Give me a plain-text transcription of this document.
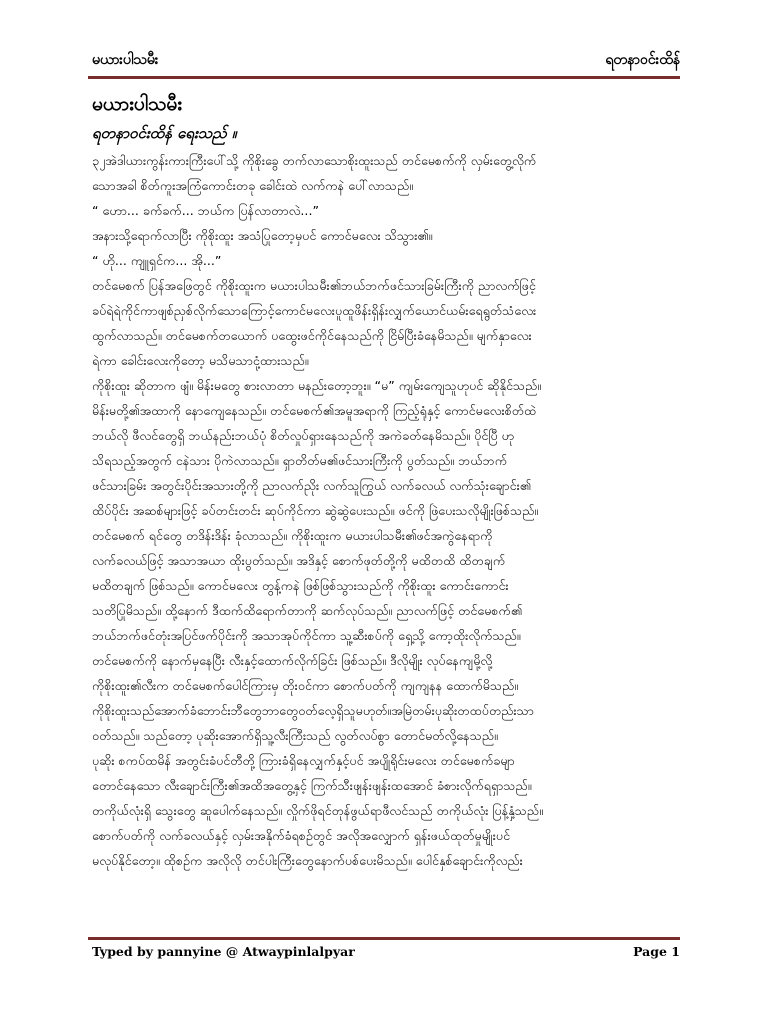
မယားပါသမီး	ရတနာဝင်းထိန်
မယားပါသမီး
ရတနာဝင်းထိန် ရေးသည် ။
၃၂အဲဒါယားကွန်းကားကြီးပေါ်သို့ ကိုစိုးခွေ တက်လာသောစိုးထူးသည် တင်မေစက်ကို လှမ်းတွေ့လိုက်
သောအခါ စိတ်ကူးအကြံကောင်းတခု ခေါင်းထဲ လက်ကနဲ ပေါ်လာသည်။
“ ဟော... ခက်ခက်... ဘယ်က ပြန်လာတာလဲ...”
အနားသို့ရောက်လာပြီး ကိုစိုးထူး အသံပြုတော့မှပင် ကောင်မလေး သိသွား၏။
“ ဟို... ကျူရှင်က... အို...”
တင်မေစက် ပြန်အဖြေတွင် ကိုစိုးထူးက မယားပါသမီး၏ဘယ်ဘက်ဖင်သားခြမ်းကြီးကို ညာလက်ဖြင့်
ခပ်ရဲရဲကိုင်ကာဖျစ်ညှစ်လိုက်သောကြောင့်ကောင်မလေးပူထူဖိန်းရှိန်းလျှက်ယောင်ယမ်းရေရွတ်သံလေး
ထွက်လာသည်။ တင်မေစက်တယောက် ပထွေးဖင်ကိုင်နေသည်ကို ငြိမ်ပြီးခံနေမိသည်။ မျက်နှာလေး
ရဲကာ ခေါင်းလေးကိုတော့ မသိမသာငုံ့ထားသည်။
ကိုစိုးထူး ဆိုတာက ဖျံ။ မိန်းမတွေ စားလာတာ မနည်းတော့ဘူး။ “မ” ကျမ်းကျေသူဟုပင် ဆိုနိုင်သည်။
မိန်းမတို့၏အထာကို နောကျေနေသည်။ တင်မေစက်၏အမူအရာကို ကြည့်ရုံနှင့် ကောင်မလေးစိတ်ထဲ
ဘယ်လို ဖီလင်တွေရှိ ဘယ်နည်းဘယ်ပုံ စိတ်လှုပ်ရှားနေသည်ကို အကဲခတ်နေမိသည်။ ပိုင်ပြီ ဟု
သိရသည့်အတွက် ငနဲသား ပိုကဲလာသည်။ ရှာတိတ်မ၏ဖင်သားကြီးကို ပွတ်သည်။ ဘယ်ဘက်
ဖင်သားခြမ်း အတွင်းပိုင်းအသားတို့ကို ညာလက်ညိုး လက်သူကြွယ် လက်ခလယ် လက်သုံးချောင်း၏
ထိပ်ပိုင်း အဆစ်များဖြင့် ခပ်တင်းတင်း ဆုပ်ကိုင်ကာ ဆွဲဆွဲပေးသည်။ ဖင်ကို ဖြဲပေးသလိုမျိုးဖြစ်သည်။
တင်မေစက် ရင်တွေ တဒိန်းဒိန်း ခုံလာသည်။ ကိုစိုးထူးက မယားပါသမီး၏ဖင်အကွဲနေရာကို
လက်ခလယ်ဖြင့် အသာအယာ ထိုးပွတ်သည်။ အဒိနှင့် စောက်ဖုတ်တို့ကို မထိတထိ ထိတချက်
မထိတချက် ဖြစ်သည်။ ကောင်မလေး တွန့်ကနဲ ဖြစ်ဖြစ်သွားသည်ကို ကိုစိုးထူး ကောင်းကောင်း
သတိပြုမိသည်။ ထို့နောက် ဒီထက်ထိရောက်တာကို ဆက်လုပ်သည်။ ညာလက်ဖြင့် တင်မေစက်၏
ဘယ်ဘက်ဖင်တုံးအပြင်ဖက်ပိုင်းကို အသာအုပ်ကိုင်ကာ သူ့ဆီးစပ်ကို ရှေ့သို့ ကော့ထိုးလိုက်သည်။
တင်မေစက်ကို နောက်မှနေပြီး လီးနှင့်ထောက်လိုက်ခြင်း ဖြစ်သည်။ ဒီလိုမျိုး လုပ်နေကျမို့လို့
ကိုစိုးထူး၏လီးက တင်မေစက်ပေါင်ကြားမှ တိုးဝင်ကာ စောက်ပတ်ကို ကျကျနန ထောက်မိသည်။
ကိုစိုးထူးသည်အောက်ခံဘောင်းဘီတွေဘာတွေဝတ်လေ့ရှိသူမဟုတ်။အမြဲတမ်းပုဆိုးတထပ်တည်းသာ
ဝတ်သည်။ သည်တော့ ပုဆိုးအောက်ရှိသူ့လီးကြီးသည် လွတ်လပ်စွာ တောင်မတ်လို့နေသည်။
ပုဆိုး စကပ်ထမိန် အတွင်းခံပင်တီတို့ ကြားခံရှိနေလျှက်နှင့်ပင် အပျိုရိုင်းမလေး တင်မေစက်ခမျာ
တောင်နေသော လီးချောင်းကြီး၏အထိအတွေ့နှင့် ကြက်သီးဖျန်းဖျန်းထအောင် ခံစားလိုက်ရရှာသည်။
တကိုယ်လုံးရှိ သွေးတွေ ဆူပေါက်နေသည်။ လှိုက်ဖိုရင်တုန်ဖွယ်ရာဖီလင်သည် တကိုယ်လုံး ပြန့်နှံ့သည်။
စောက်ပတ်ကို လက်ခလယ်နှင့် လှမ်းအနိုက်ခံရစဉ်တွင် အလိုအလျှောက် ရှန်းဖယ်ထုတ်မှုမျိုးပင်
မလုပ်နိုင်တော့။ ထိုစဉ်က အလိုလို တင်ပါးကြီးတွေနောက်ပစ်ပေးမိသည်။ ပေါင်နှစ်ချောင်းကိုလည်း
Typed by pannyine @ Atwaypinlalpyar	Page 1
